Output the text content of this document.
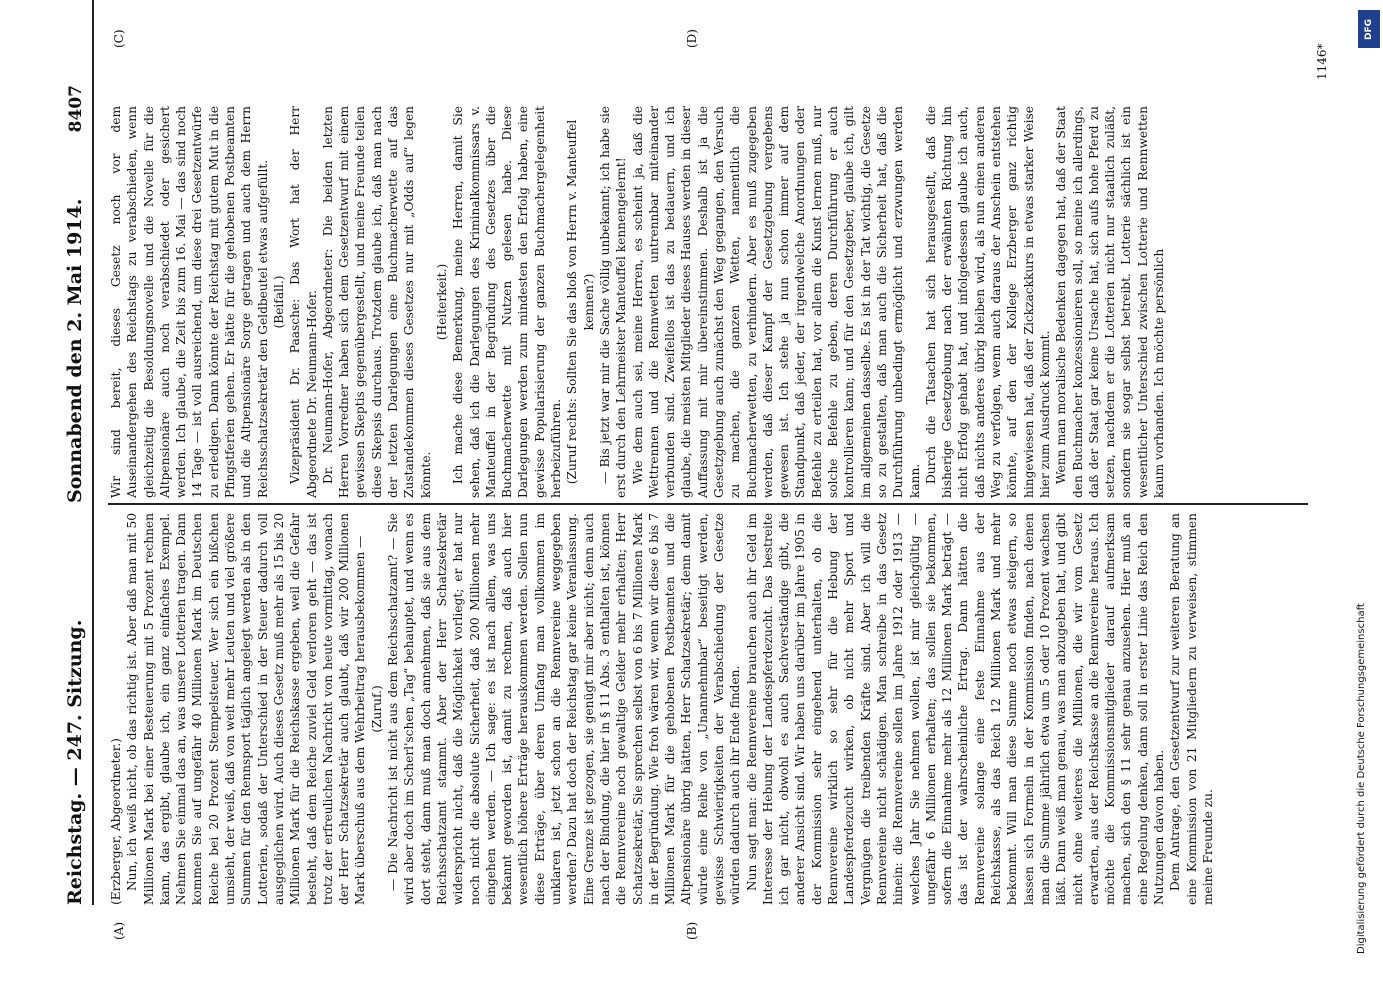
Reichstag. — 247. Sitzung.
Sonnabend den 2. Mai 1914.
8407
(A)	(B)
(C)	(D)

(Erzberger, Abgeordneter.) Nun, ich weiß nicht, ob das richtig ist. Aber daß man mit 50 Millionen Mark bei einer Besteuerung mit 5 Prozent rechnen kann, das ergibt, glaube ich, ein ganz einfaches Exempel. Nehmen Sie einmal das an, was unsere Lotterien tragen. Dann kommen Sie auf ungefähr 40 Millionen Mark im Deutschen Reiche bei 20 Prozent Stempelsteuer. Wer sich ein bißchen umsieht, der weiß, daß von weit mehr Leuten und viel größere Summen für den Rennsport täglich angelegt werden als in den Lotterien, sodaß der Unterschied in der Steuer dadurch voll ausgeglichen wird. Auch dieses Gesetz muß mehr als 15 bis 20 Millionen Mark für die Reichskasse ergeben, weil die Gefahr besteht, daß dem Reiche zuviel Geld verloren geht — das ist trotz der erfreulichen Nachricht von heute vormittag, wonach der Herr Schatzsekretär auch glaubt, daß wir 200 Millionen Mark überschuß aus dem Wehrbeitrag herausbekommen — (Zuruf.) — Die Nachricht ist nicht aus dem Reichsschatzamt? — Sie wird aber doch im Scherl'schen „Tag“ behauptet, und wenn es dort steht, dann muß man doch annehmen, daß sie aus dem Reichsschatzamt stammt. Aber der Herr Schatzsekretär widerspricht nicht, daß die Möglichkeit vorliegt; er hat nur noch nicht die absolute Sicherheit, daß 200 Millionen mehr eingehen werden. — Ich sage: es ist nach allem, was uns bekannt geworden ist, damit zu rechnen, daß auch hier wesentlich höhere Erträge herauskommen werden. Sollen nun diese Erträge, über deren Umfang man vollkommen im unklaren ist, jetzt schon an die Rennvereine weggegeben werden? Dazu hat doch der Reichstag gar keine Veranlassung. Eine Grenze ist gezogen, sie genügt mir aber nicht; denn auch nach der Bindung, die hier in § 11 Abs. 3 enthalten ist, können die Rennvereine noch gewaltige Gelder mehr erhalten; Herr Schatzsekretär, Sie sprechen selbst von 6 bis 7 Millionen Mark in der Begründung. Wie froh wären wir, wenn wir diese 6 bis 7 Millionen Mark für die gehobenen Postbeamten und die Altpensionäre übrig hätten, Herr Schatzsekretär; denn damit würde eine Reihe von „Unannehmbar“ beseitigt werden, gewisse Schwierigkeiten der Verabschiedung der Gesetze würden dadurch auch ihr Ende finden. Nun sagt man: die Rennvereine brauchen auch ihr Geld im Interesse der Hebung der Landespferdezucht. Das bestreite ich gar nicht, obwohl es auch Sachverständige gibt, die anderer Ansicht sind. Wir haben uns darüber im Jahre 1905 in der Kommission sehr eingehend unterhalten, ob die Rennvereine wirklich so sehr für die Hebung der Landespferdezucht wirken, ob nicht mehr Sport und Vergnügen die treibenden Kräfte sind. Aber ich will die Rennvereine nicht schädigen. Man schreibe in das Gesetz hinein: die Rennvereine sollen im Jahre 1912 oder 1913 — welches Jahr Sie nehmen wollen, ist mir gleichgültig — ungefähr 6 Millionen erhalten; das sollen sie bekommen, sofern die Einnahme mehr als 12 Millionen Mark beträgt — das ist der wahrscheinliche Ertrag. Dann hätten die Rennvereine solange eine feste Einnahme aus der Reichskasse, als das Reich 12 Millionen Mark und mehr bekommt. Will man diese Summe noch etwas steigern, so lassen sich Formeln in der Kommission finden, nach denen man die Summe jährlich etwa um 5 oder 10 Prozent wachsen läßt. Dann weiß man genau, was man abzugeben hat, und gibt nicht ohne weiteres die Millionen, die wir vom Gesetz erwarten, aus der Reichskasse an die Rennvereine heraus. Ich möchte die Kommissionsmitglieder darauf aufmerksam machen, sich den § 11 sehr genau anzusehen. Hier muß an eine Regelung denken, dann soll in erster Linie das Reich den Nutzungen davon haben. Dem Antrage, den Gesetzentwurf zur weiteren Beratung an eine Kommission von 21 Mitgliedern zu verweisen, stimmen meine Freunde zu.

Wir sind bereit, dieses Gesetz noch vor dem Auseinandergehen des Reichstags zu verabschieden, wenn gleichzeitig die Besoldungsnovelle und die Novelle für die Altpensionäre auch noch verabschiedet oder gesichert werden. Ich glaube, die Zeit bis zum 16. Mai — das sind noch 14 Tage — ist voll ausreichend, um diese drei Gesetzentwürfe zu erledigen. Dann könnte der Reichstag mit gutem Mut in die Pfingstferien gehen. Er hätte für die gehobenen Postbeamten und die Altpensionäre Sorge getragen und auch dem Herrn Reichsschatzsekretär den Geldbeutel etwas aufgefüllt. (Beifall.) Vizepräsident Dr. Paasche: Das Wort hat der Herr Abgeordnete Dr. Neumann-Hofer. Dr. Neumann-Hofer, Abgeordneter: Die beiden letzten Herren Vorredner haben sich dem Gesetzentwurf mit einem gewissen Skeptis gegenübergestellt, und meine Freunde teilen diese Skepsis durchaus. Trotzdem glaube ich, daß man nach der letzten Darlegungen eine Buchmacherwette auf das Zustandekommen dieses Gesetzes nur mit „Odds auf“ legen könnte.

(Heiterkeit.) Ich mache diese Bemerkung, meine Herren, damit Sie sehen, daß ich die Darlegungen des Kriminalkommissars v. Manteuffel in der Begründung des Gesetzes über die Buchmacherwette mit Nutzen gelesen habe. Diese Darlegungen werden zum mindesten den Erfolg haben, eine gewisse Popularisierung der ganzen Buchmachergelegenheit herbeizuführen. (Zuruf rechts: Sollten Sie das bloß von Herrn v. Manteuffel kennen?) — Bis jetzt war mir die Sache völlig unbekannt; ich habe sie erst durch den Lehrmeister Manteuffel kennengelernt! Wie dem auch sei, meine Herren, es scheint ja, daß die Wettrennen und die Rennwetten untrennbar miteinander verbunden sind. Zweifellos ist das zu bedauern, und ich glaube, die meisten Mitglieder dieses Hauses werden in dieser Auffassung mit mir übereinstimmen. Deshalb ist ja die Gesetzgebung auch zunächst den Weg gegangen, den Versuch zu machen, die ganzen Wetten, namentlich die Buchmacherwetten, zu verhindern. Aber es muß zugegeben werden, daß dieser Kampf der Gesetzgebung vergebens gewesen ist. Ich stehe ja nun schon immer auf dem Standpunkt, daß jeder, der irgendwelche Anordnungen oder Befehle zu erteilen hat, vor allem die Kunst lernen muß, nur solche Befehle zu geben, deren Durchführung er auch kontrollieren kann; und für den Gesetzgeber, glaube ich, gilt im allgemeinen dasselbe. Es ist in der Tat wichtig, die Gesetze so zu gestalten, daß man auch die Sicherheit hat, daß die Durchführung unbedingt ermöglicht und erzwungen werden kann. Durch die Tatsachen hat sich herausgestellt, daß die bisherige Gesetzgebung nach der erwähnten Richtung hin nicht Erfolg gehabt hat, und infolgedessen glaube ich auch, daß nichts anderes übrig bleiben wird, als nun einen anderen Weg zu verfolgen, wenn auch daraus der Anschein entstehen könnte, auf den der Kollege Erzberger ganz richtig hingewiesen hat, daß der Zickzackkurs in etwas starker Weise hier zum Ausdruck kommt. Wenn man moralische Bedenken dagegen hat, daß der Staat den Buchmacher konzessionieren soll, so meine ich allerdings, daß der Staat gar keine Ursache hat, sich aufs hohe Pferd zu setzen, nachdem er die Lotterien nicht nur staatlich zuläßt, sondern sie sogar selbst betreibt. Lotterie sächlich ist ein wesentlicher Unterschied zwischen Lotterie und Rennwetten kaum vorhanden. Ich möchte persönlich

1146*
DFG
Digitalisierung gefördert durch die Deutsche Forschungsgemeinschaft
